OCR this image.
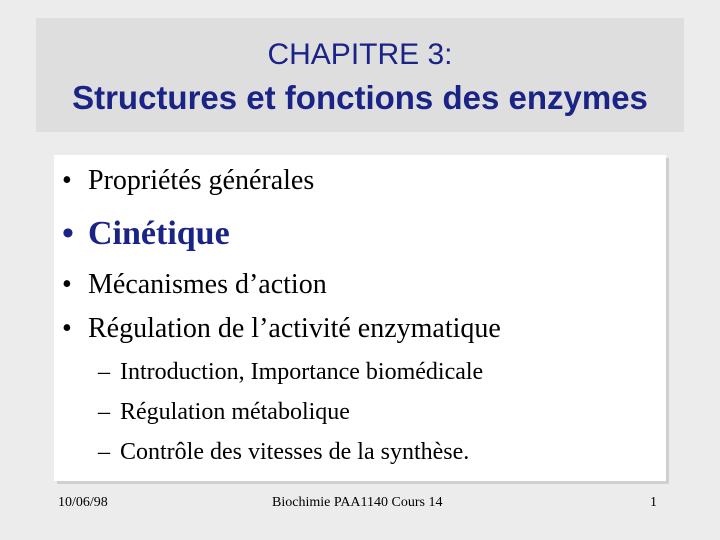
CHAPITRE 3:
Structures et fonctions des enzymes
• Propriétés générales
• Cinétique
• Mécanismes d’action
• Régulation de l’activité enzymatique
– Introduction, Importance biomédicale
– Régulation métabolique
– Contrôle des vitesses de la synthèse.
10/06/98	Biochimie PAA1140 Cours 14	1
